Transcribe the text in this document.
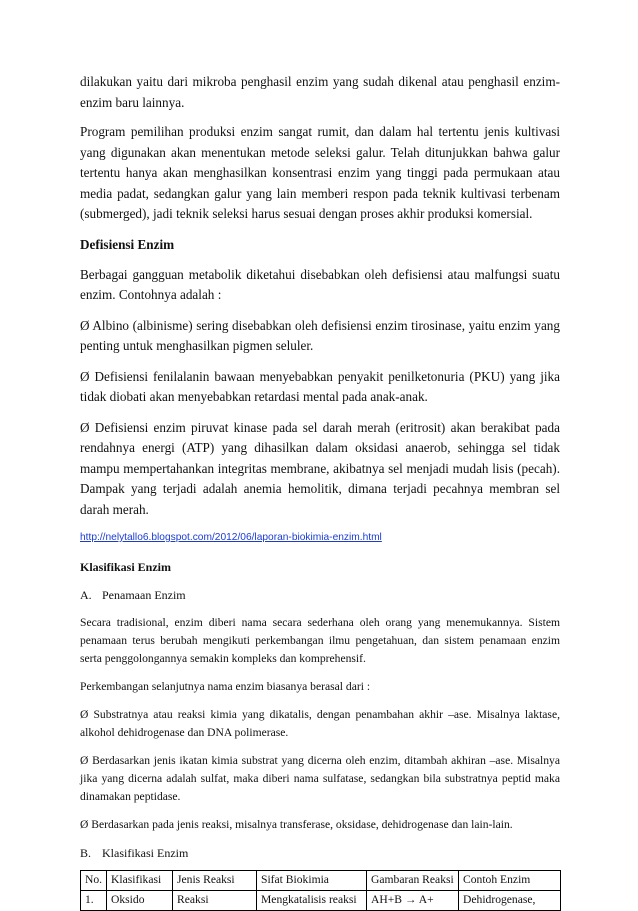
dilakukan yaitu dari mikroba penghasil enzim yang sudah dikenal atau penghasil enzim-enzim baru lainnya.

Program pemilihan produksi enzim sangat rumit, dan dalam hal tertentu jenis kultivasi yang digunakan akan menentukan metode seleksi galur. Telah ditunjukkan bahwa galur tertentu hanya akan menghasilkan konsentrasi enzim yang tinggi pada permukaan atau media padat, sedangkan galur yang lain memberi respon pada teknik kultivasi terbenam (submerged), jadi teknik seleksi harus sesuai dengan proses akhir produksi komersial.

Defisiensi Enzim

Berbagai gangguan metabolik diketahui disebabkan oleh defisiensi atau malfungsi suatu enzim. Contohnya adalah :

Ø Albino (albinisme) sering disebabkan oleh defisiensi enzim tirosinase, yaitu enzim yang penting untuk menghasilkan pigmen seluler.

Ø Defisiensi fenilalanin bawaan menyebabkan penyakit penilketonuria (PKU) yang jika tidak diobati akan menyebabkan retardasi mental pada anak-anak.

Ø Defisiensi enzim piruvat kinase pada sel darah merah (eritrosit) akan berakibat pada rendahnya energi (ATP) yang dihasilkan dalam oksidasi anaerob, sehingga sel tidak mampu mempertahankan integritas membrane, akibatnya sel menjadi mudah lisis (pecah). Dampak yang terjadi adalah anemia hemolitik, dimana terjadi pecahnya membran sel darah merah.

http://nelytallo6.blogspot.com/2012/06/laporan-biokimia-enzim.html

Klasifikasi Enzim

A. Penamaan Enzim

Secara tradisional, enzim diberi nama secara sederhana oleh orang yang menemukannya. Sistem penamaan terus berubah mengikuti perkembangan ilmu pengetahuan, dan sistem penamaan enzim serta penggolongannya semakin kompleks dan komprehensif.

Perkembangan selanjutnya nama enzim biasanya berasal dari :

Ø Substratnya atau reaksi kimia yang dikatalis, dengan penambahan akhir –ase. Misalnya laktase, alkohol dehidrogenase dan DNA polimerase.

Ø Berdasarkan jenis ikatan kimia substrat yang dicerna oleh enzim, ditambah akhiran –ase. Misalnya jika yang dicerna adalah sulfat, maka diberi nama sulfatase, sedangkan bila substratnya peptid maka dinamakan peptidase.

Ø Berdasarkan pada jenis reaksi, misalnya transferase, oksidase, dehidrogenase dan lain-lain.

B. Klasifikasi Enzim

No.	Klasifikasi	Jenis Reaksi	Sifat Biokimia	Gambaran Reaksi	Contoh Enzim
1.	Oksido	Reaksi	Mengkatalisis reaksi	AH+B → A+	Dehidrogenase,
